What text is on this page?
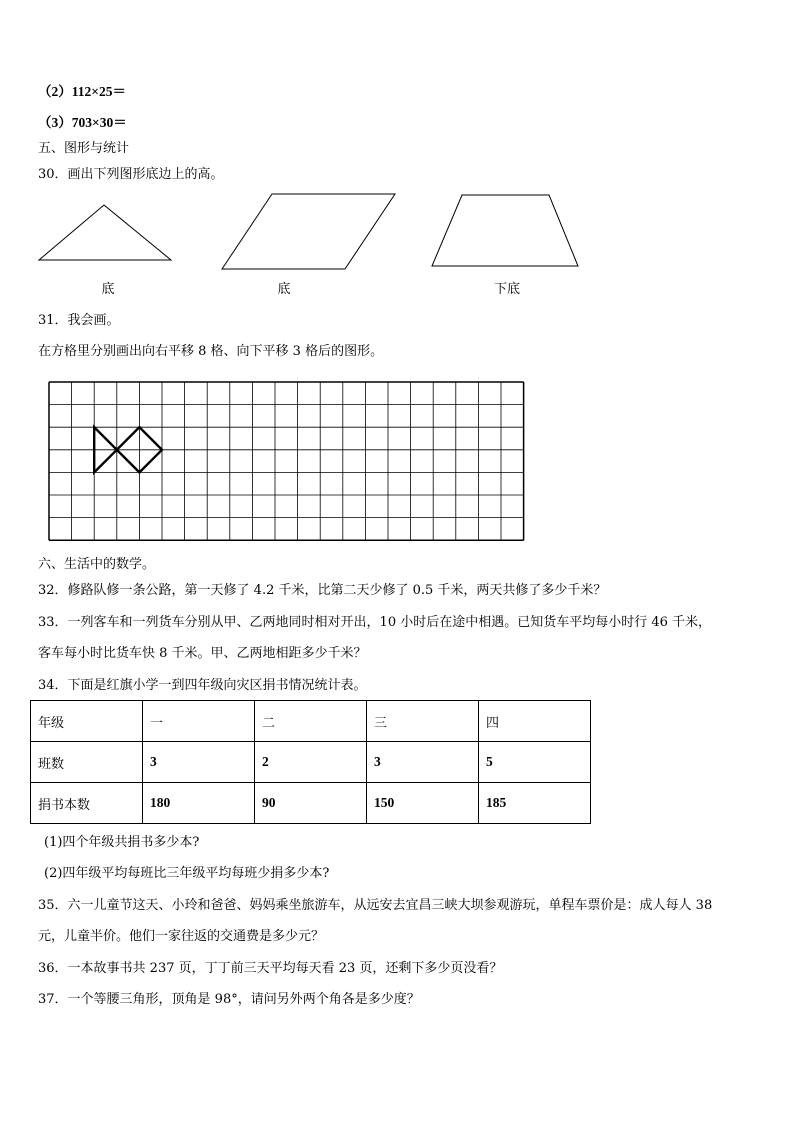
（2）112×25＝
（3）703×30＝
五、图形与统计
30．画出下列图形底边上的高。
底	底	下底
31．我会画。
在方格里分别画出向右平移 8 格、向下平移 3 格后的图形。
六、生活中的数学。
32．修路队修一条公路，第一天修了 4.2 千米，比第二天少修了 0.5 千米，两天共修了多少千米？
33．一列客车和一列货车分别从甲、乙两地同时相对开出，10 小时后在途中相遇。已知货车平均每小时行 46 千米，
客车每小时比货车快 8 千米。甲、乙两地相距多少千米？
34．下面是红旗小学一到四年级向灾区捐书情况统计表。
年级	一	二	三	四
班数	3	2	3	5
捐书本数	180	90	150	185
(1)四个年级共捐书多少本?
(2)四年级平均每班比三年级平均每班少捐多少本?
35．六一儿童节这天、小玲和爸爸、妈妈乘坐旅游车，从远安去宜昌三峡大坝参观游玩，单程车票价是：成人每人 38
元，儿童半价。他们一家往返的交通费是多少元？
36．一本故事书共 237 页，丁丁前三天平均每天看 23 页，还剩下多少页没看？
37．一个等腰三角形，顶角是 98°，请问另外两个角各是多少度？
